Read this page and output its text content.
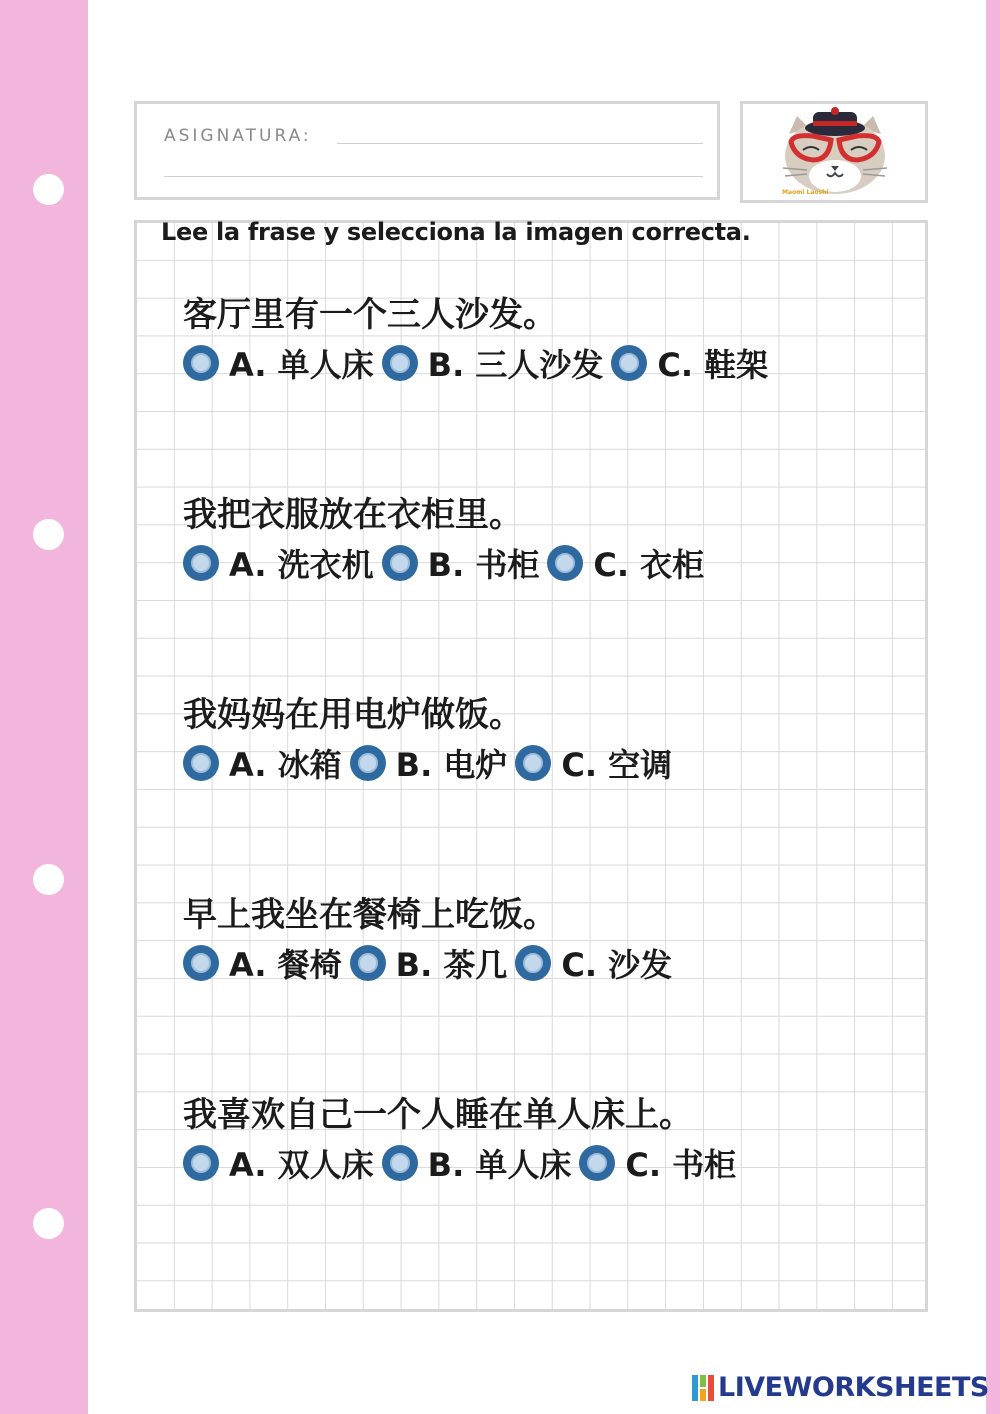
ASIGNATURA:
Maomi Laoshi
Lee la frase y selecciona la imagen correcta.
客厅里有一个三人沙发。
A. 单人床 B. 三人沙发 C. 鞋架
我把衣服放在衣柜里。
A. 洗衣机 B. 书柜 C. 衣柜
我妈妈在用电炉做饭。
A. 冰箱 B. 电炉 C. 空调
早上我坐在餐椅上吃饭。
A. 餐椅 B. 茶几 C. 沙发
我喜欢自己一个人睡在单人床上。
A. 双人床 B. 单人床 C. 书柜
LIVEWORKSHEETS
